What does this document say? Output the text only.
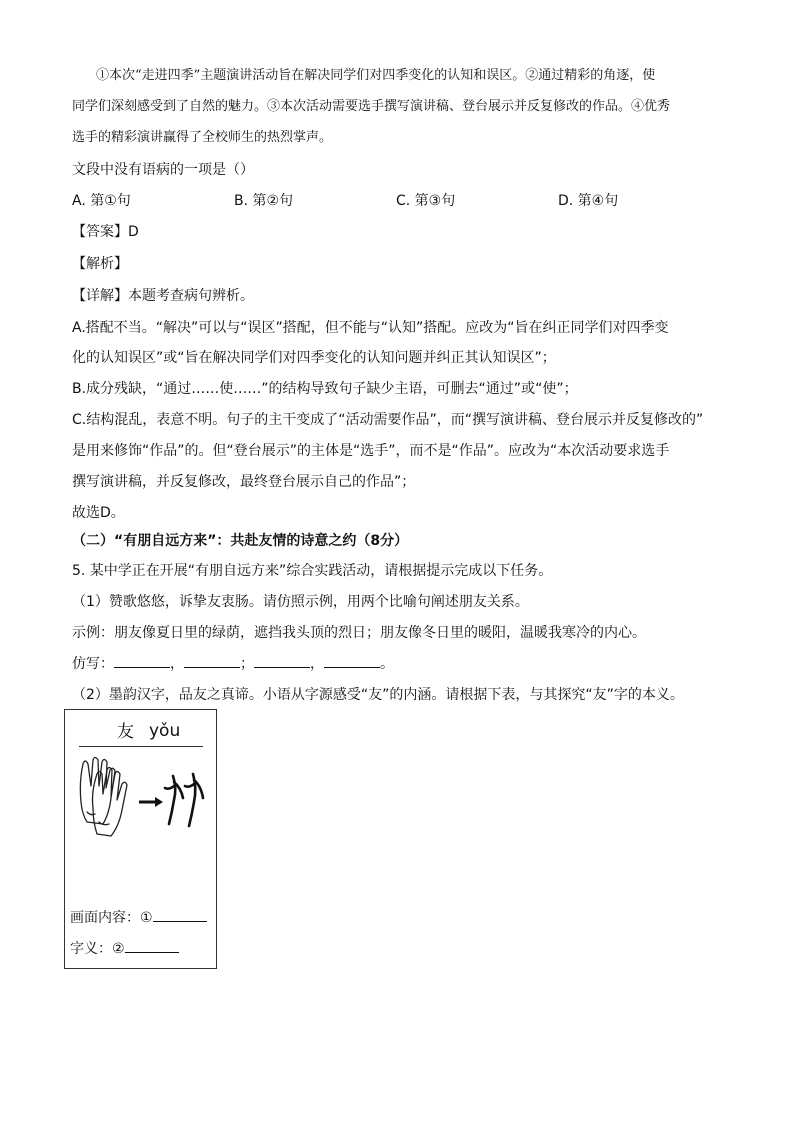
①本次“走进四季”主题演讲活动旨在解决同学们对四季变化的认知和误区。②通过精彩的角逐，使
同学们深刻感受到了自然的魅力。③本次活动需要选手撰写演讲稿、登台展示并反复修改的作品。④优秀
选手的精彩演讲赢得了全校师生的热烈掌声。
文段中没有语病的一项是（）
A. 第①句	B. 第②句	C. 第③句	D. 第④句
【答案】D
【解析】
【详解】本题考查病句辨析。
A.搭配不当。“解决”可以与“误区”搭配，但不能与“认知”搭配。应改为“旨在纠正同学们对四季变
化的认知误区”或“旨在解决同学们对四季变化的认知问题并纠正其认知误区”；
B.成分残缺，“通过……使……”的结构导致句子缺少主语，可删去“通过”或“使”；
C.结构混乱，表意不明。句子的主干变成了“活动需要作品”，而“撰写演讲稿、登台展示并反复修改的”
是用来修饰“作品”的。但“登台展示”的主体是“选手”，而不是“作品”。应改为“本次活动要求选手
撰写演讲稿，并反复修改，最终登台展示自己的作品”；
故选D。
（二）“有朋自远方来”：共赴友情的诗意之约（8分）
5. 某中学正在开展“有朋自远方来”综合实践活动，请根据提示完成以下任务。
（1）赞歌悠悠，诉挚友衷肠。请仿照示例，用两个比喻句阐述朋友关系。
示例：朋友像夏日里的绿荫，遮挡我头顶的烈日；朋友像冬日里的暖阳，温暖我寒冷的内心。
仿写：	，	；	，	。
（2）墨韵汉字，品友之真谛。小语从字源感受“友”的内涵。请根据下表，与其探究“友”字的本义。
友 yǒu
画面内容：①
字义：②
